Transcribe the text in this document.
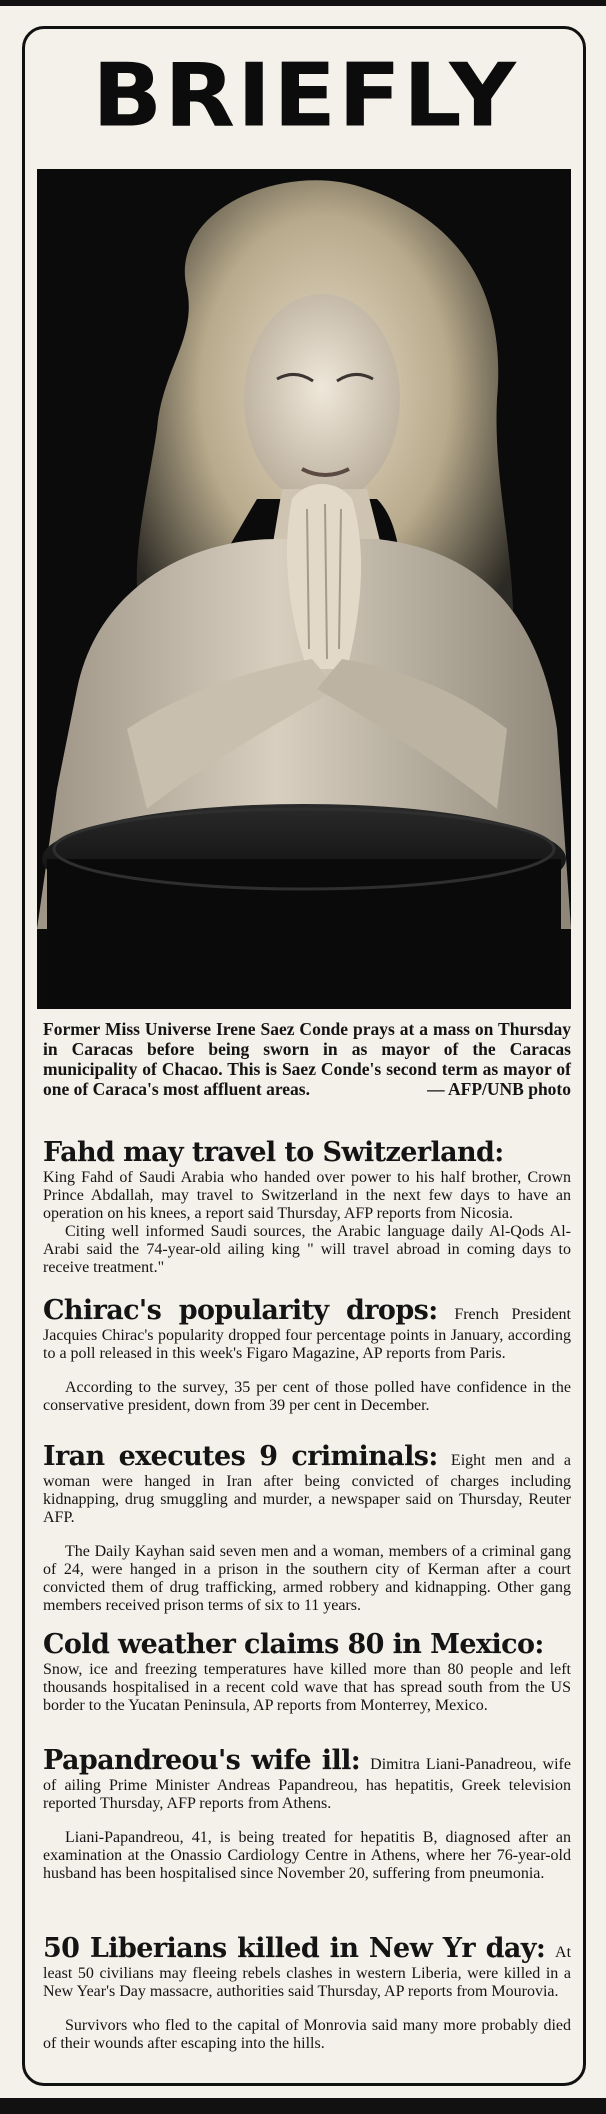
BRIEFLY
Former Miss Universe Irene Saez Conde prays at a mass on Thursday in Caracas before being sworn in as mayor of the Caracas municipality of Chacao. This is Saez Conde's second term as mayor of one of Caraca's most affluent areas.	— AFP/UNB photo
Fahd may travel to Switzerland:

King Fahd of Saudi Arabia who handed over power to his half brother, Crown Prince Abdallah, may travel to Switzerland in the next few days to have an operation on his knees, a report said Thursday, AFP reports from Nicosia.

Citing well informed Saudi sources, the Arabic language daily Al-Qods Al-Arabi said the 74-year-old ailing king " will travel abroad in coming days to receive treatment."

Chirac's popularity drops: French President Jacquies Chirac's popularity dropped four percentage points in January, according to a poll released in this week's Figaro Magazine, AP reports from Paris.

According to the survey, 35 per cent of those polled have confidence in the conservative president, down from 39 per cent in December.

Iran executes 9 criminals: Eight men and a woman were hanged in Iran after being convicted of charges including kidnapping, drug smuggling and murder, a newspaper said on Thursday, Reuter AFP.

The Daily Kayhan said seven men and a woman, members of a criminal gang of 24, were hanged in a prison in the southern city of Kerman after a court convicted them of drug trafficking, armed robbery and kidnapping. Other gang members received prison terms of six to 11 years.

Cold weather claims 80 in Mexico:

Snow, ice and freezing temperatures have killed more than 80 people and left thousands hospitalised in a recent cold wave that has spread south from the US border to the Yucatan Peninsula, AP reports from Monterrey, Mexico.

Papandreou's wife ill: Dimitra Liani-Panadreou, wife of ailing Prime Minister Andreas Papandreou, has hepatitis, Greek television reported Thursday, AFP reports from Athens.

Liani-Papandreou, 41, is being treated for hepatitis B, diagnosed after an examination at the Onassio Cardiology Centre in Athens, where her 76-year-old husband has been hospitalised since November 20, suffering from pneumonia.

50 Liberians killed in New Yr day: At least 50 civilians may fleeing rebels clashes in western Liberia, were killed in a New Year's Day massacre, authorities said Thursday, AP reports from Mourovia.

Survivors who fled to the capital of Monrovia said many more probably died of their wounds after escaping into the hills.
